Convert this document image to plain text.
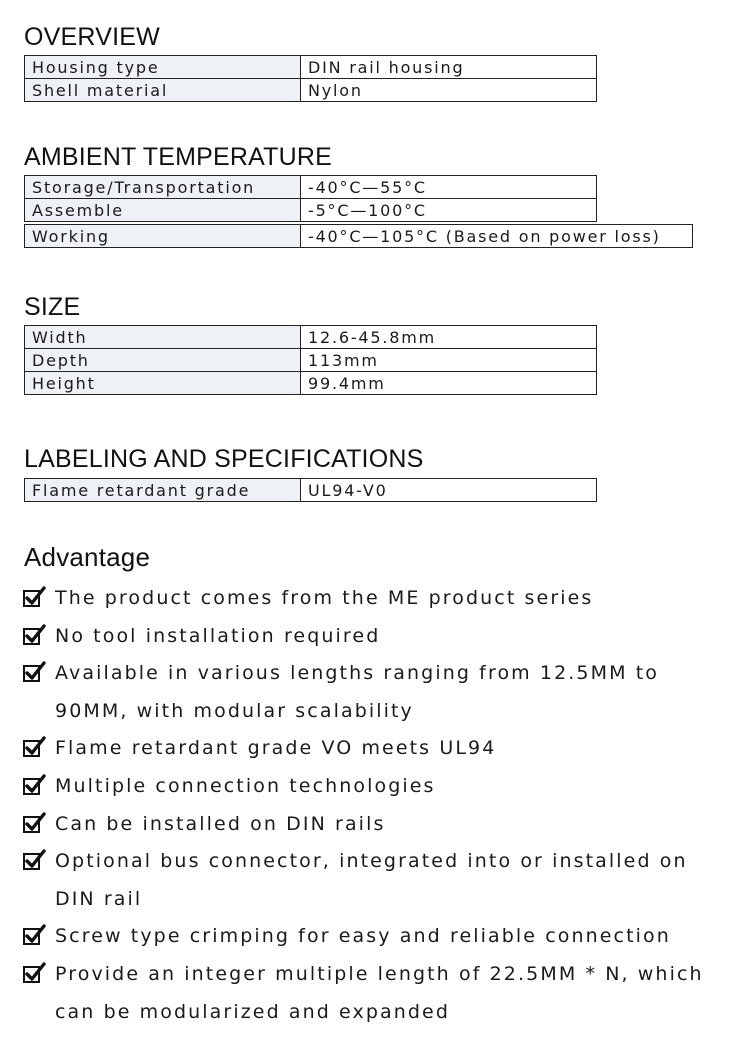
OVERVIEW
Housing type	DIN rail housing
Shell material	Nylon
AMBIENT TEMPERATURE
Storage/Transportation	-40°C—55°C
Assemble	-5°C—100°C
Working	-40°C—105°C (Based on power loss)
SIZE
Width	12.6-45.8mm
Depth	113mm
Height	99.4mm
LABELING AND SPECIFICATIONS
Flame retardant grade	UL94-V0
Advantage
The product comes from the ME product series
No tool installation required
Available in various lengths ranging from 12.5MM to 90MM, with modular scalability
Flame retardant grade VO meets UL94
Multiple connection technologies
Can be installed on DIN rails
Optional bus connector, integrated into or installed on DIN rail
Screw type crimping for easy and reliable connection
Provide an integer multiple length of 22.5MM * N, which can be modularized and expanded
